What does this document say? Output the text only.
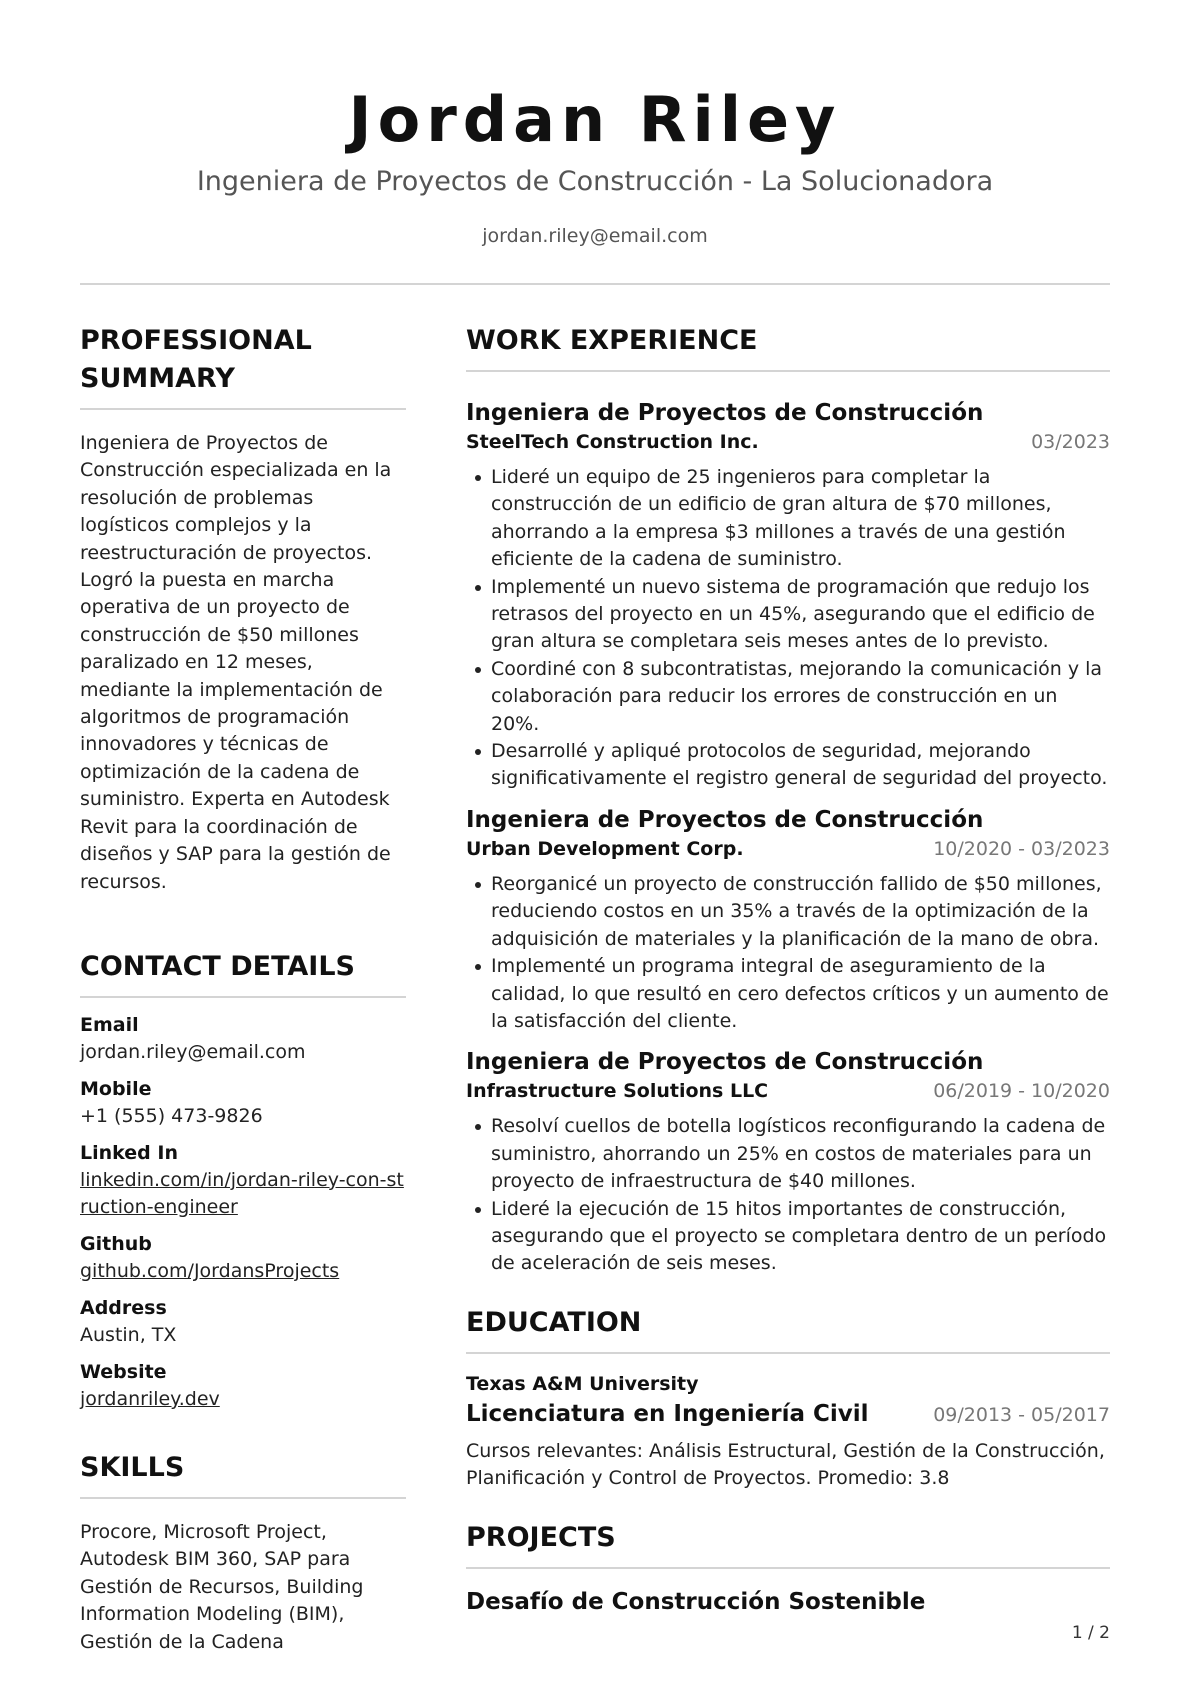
Jordan Riley
Ingeniera de Proyectos de Construcción - La Solucionadora
jordan.riley@email.com
PROFESSIONAL SUMMARY
Ingeniera de Proyectos de Construcción especializada en la resolución de problemas logísticos complejos y la reestructuración de proyectos. Logró la puesta en marcha operativa de un proyecto de construcción de $50 millones paralizado en 12 meses, mediante la implementación de algoritmos de programación innovadores y técnicas de optimización de la cadena de suministro. Experta en Autodesk Revit para la coordinación de diseños y SAP para la gestión de recursos.
CONTACT DETAILS
Email
jordan.riley@email.com
Mobile
+1 (555) 473-9826
Linked In
linkedin.com/in/jordan-riley-con-struction-engineer
Github
github.com/JordansProjects
Address
Austin, TX
Website
jordanriley.dev
SKILLS
Procore, Microsoft Project, Autodesk BIM 360, SAP para Gestión de Recursos, Building Information Modeling (BIM), Gestión de la Cadena
WORK EXPERIENCE
Ingeniera de Proyectos de Construcción
SteelTech Construction Inc.	03/2023
Lideré un equipo de 25 ingenieros para completar la construcción de un edificio de gran altura de $70 millones, ahorrando a la empresa $3 millones a través de una gestión eficiente de la cadena de suministro.
Implementé un nuevo sistema de programación que redujo los retrasos del proyecto en un 45%, asegurando que el edificio de gran altura se completara seis meses antes de lo previsto.
Coordiné con 8 subcontratistas, mejorando la comunicación y la colaboración para reducir los errores de construcción en un 20%.
Desarrollé y apliqué protocolos de seguridad, mejorando significativamente el registro general de seguridad del proyecto.
Ingeniera de Proyectos de Construcción
Urban Development Corp.	10/2020 - 03/2023
Reorganicé un proyecto de construcción fallido de $50 millones, reduciendo costos en un 35% a través de la optimización de la adquisición de materiales y la planificación de la mano de obra.
Implementé un programa integral de aseguramiento de la calidad, lo que resultó en cero defectos críticos y un aumento de la satisfacción del cliente.
Ingeniera de Proyectos de Construcción
Infrastructure Solutions LLC	06/2019 - 10/2020
Resolví cuellos de botella logísticos reconfigurando la cadena de suministro, ahorrando un 25% en costos de materiales para un proyecto de infraestructura de $40 millones.
Lideré la ejecución de 15 hitos importantes de construcción, asegurando que el proyecto se completara dentro de un período de aceleración de seis meses.
EDUCATION
Texas A&M University
Licenciatura en Ingeniería Civil	09/2013 - 05/2017
Cursos relevantes: Análisis Estructural, Gestión de la Construcción, Planificación y Control de Proyectos. Promedio: 3.8
PROJECTS
Desafío de Construcción Sostenible
1 / 2
